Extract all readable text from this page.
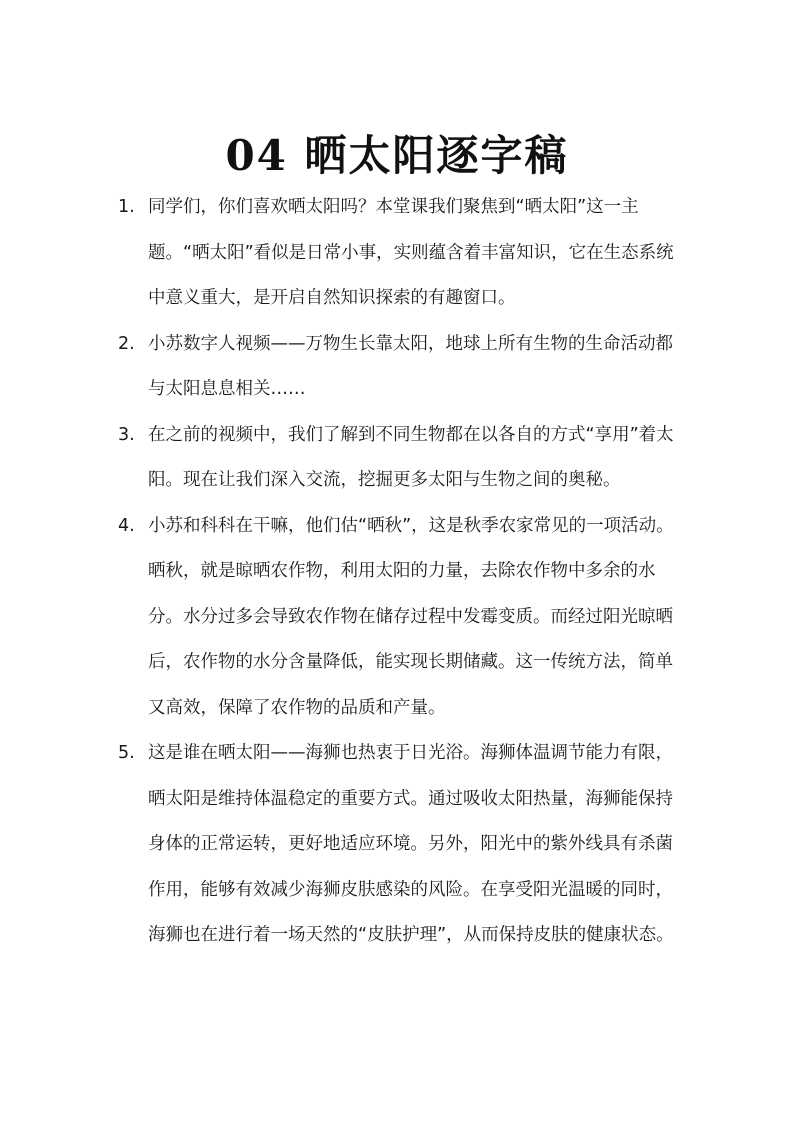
04 晒太阳逐字稿
1. 同学们，你们喜欢晒太阳吗？本堂课我们聚焦到“晒太阳”这一主题。“晒太阳”看似是日常小事，实则蕴含着丰富知识，它在生态系统中意义重大，是开启自然知识探索的有趣窗口。
2. 小苏数字人视频——万物生长靠太阳，地球上所有生物的生命活动都与太阳息息相关……
3. 在之前的视频中，我们了解到不同生物都在以各自的方式“享用”着太阳。现在让我们深入交流，挖掘更多太阳与生物之间的奥秘。
4. 小苏和科科在干嘛，他们估“晒秋”，这是秋季农家常见的一项活动。晒秋，就是晾晒农作物，利用太阳的力量，去除农作物中多余的水分。水分过多会导致农作物在储存过程中发霉变质。而经过阳光晾晒后，农作物的水分含量降低，能实现长期储藏。这一传统方法，简单又高效，保障了农作物的品质和产量。
5. 这是谁在晒太阳——海狮也热衷于日光浴。海狮体温调节能力有限，晒太阳是维持体温稳定的重要方式。通过吸收太阳热量，海狮能保持身体的正常运转，更好地适应环境。另外，阳光中的紫外线具有杀菌作用，能够有效减少海狮皮肤感染的风险。在享受阳光温暖的同时，海狮也在进行着一场天然的“皮肤护理”，从而保持皮肤的健康状态。
